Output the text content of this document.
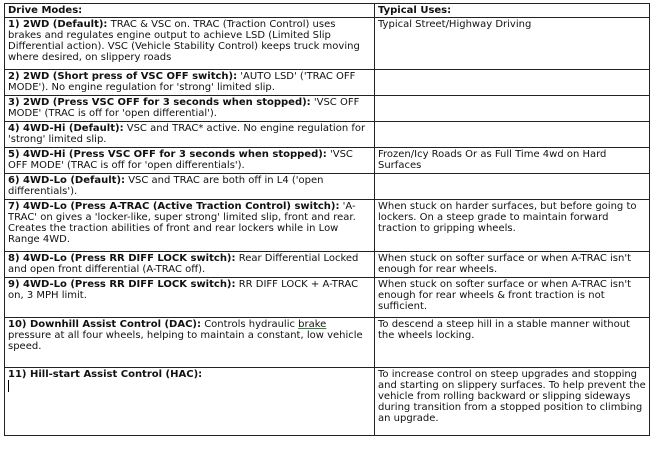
Drive Modes:	Typical Uses:
1) 2WD (Default): TRAC & VSC on. TRAC (Traction Control) uses brakes and regulates engine output to achieve LSD (Limited Slip Differential action). VSC (Vehicle Stability Control) keeps truck moving where desired, on slippery roads	Typical Street/Highway Driving
2) 2WD (Short press of VSC OFF switch): 'AUTO LSD' ('TRAC OFF MODE'). No engine regulation for 'strong' limited slip.	
3) 2WD (Press VSC OFF for 3 seconds when stopped): 'VSC OFF MODE' (TRAC is off for 'open differential').	
4) 4WD-Hi (Default): VSC and TRAC* active. No engine regulation for 'strong' limited slip.	
5) 4WD-Hi (Press VSC OFF for 3 seconds when stopped): 'VSC OFF MODE' (TRAC is off for 'open differentials').	Frozen/Icy Roads Or as Full Time 4wd on Hard Surfaces
6) 4WD-Lo (Default): VSC and TRAC are both off in L4 ('open differentials').	
7) 4WD-Lo (Press A-TRAC (Active Traction Control) switch): 'A-TRAC' on gives a 'locker-like, super strong' limited slip, front and rear. Creates the traction abilities of front and rear lockers while in Low Range 4WD.	When stuck on harder surfaces, but before going to lockers. On a steep grade to maintain forward traction to gripping wheels.
8) 4WD-Lo (Press RR DIFF LOCK switch): Rear Differential Locked and open front differential (A-TRAC off).	When stuck on softer surface or when A-TRAC isn't enough for rear wheels.
9) 4WD-Lo (Press RR DIFF LOCK switch): RR DIFF LOCK + A-TRAC on, 3 MPH limit.	When stuck on softer surface or when A-TRAC isn't enough for rear wheels & front traction is not sufficient.
10) Downhill Assist Control (DAC): Controls hydraulic brake pressure at all four wheels, helping to maintain a constant, low vehicle speed.	To descend a steep hill in a stable manner without the wheels locking.
11) Hill-start Assist Control (HAC):	To increase control on steep upgrades and stopping and starting on slippery surfaces. To help prevent the vehicle from rolling backward or slipping sideways during transition from a stopped position to climbing an upgrade.
